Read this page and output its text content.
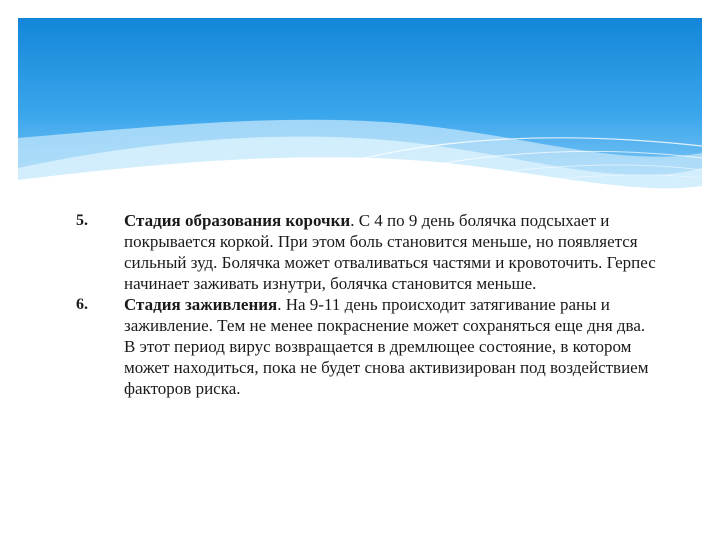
5.	Стадия образования корочки. С 4 по 9 день болячка подсыхает и покрывается коркой. При этом боль становится меньше, но появляется сильный зуд. Болячка может отваливаться частями и кровоточить. Герпес начинает заживать изнутри, болячка становится меньше.
6.	Стадия заживления. На 9-11 день происходит затягивание раны и заживление. Тем не менее покраснение может сохраняться еще дня два. В этот период вирус возвращается в дремлющее состояние, в котором может находиться, пока не будет снова активизирован под воздействием факторов риска.
